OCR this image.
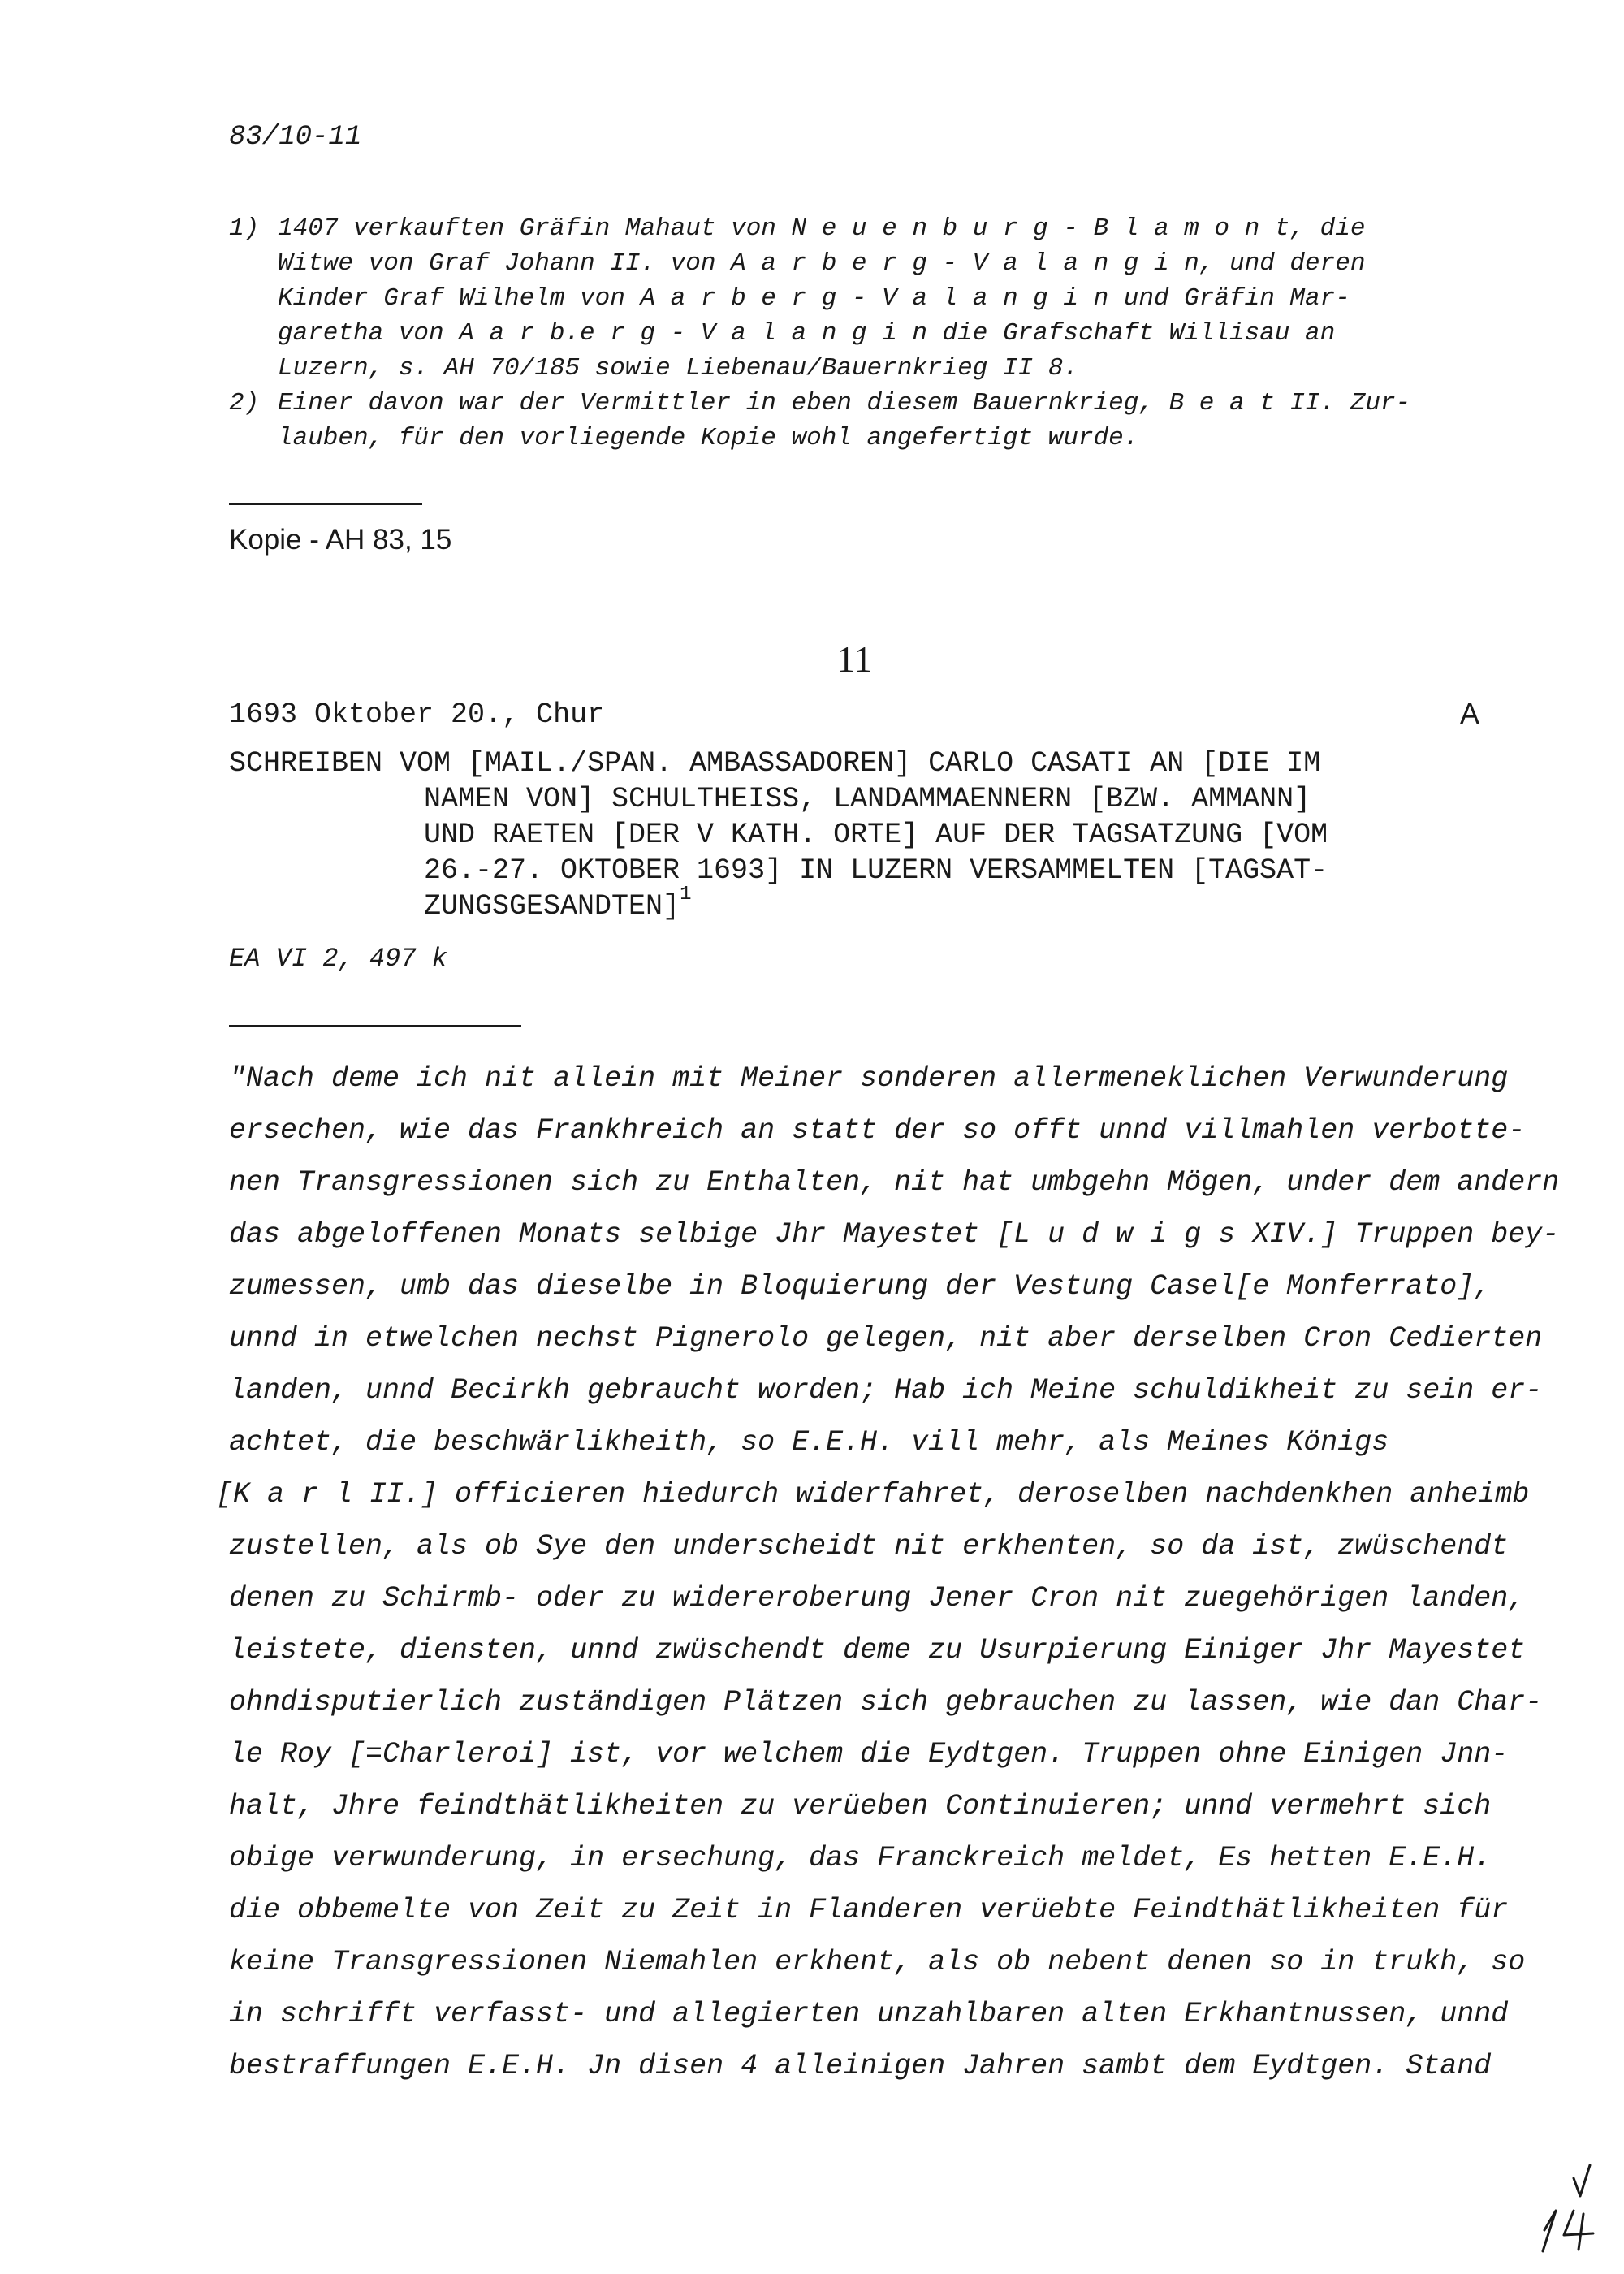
83/10-11
1) 1407 verkauften Gräfin Mahaut von N e u e n b u r g - B l a m o n t, die
Witwe von Graf Johann II. von A a r b e r g - V a l a n g i n, und deren
Kinder Graf Wilhelm von A a r b e r g - V a l a n g i n und Gräfin Mar-
garetha von A a r b.e r g - V a l a n g i n die Grafschaft Willisau an
Luzern, s. AH 70/185 sowie Liebenau/Bauernkrieg II 8.
2) Einer davon war der Vermittler in eben diesem Bauernkrieg, B e a t II. Zur-
lauben, für den vorliegende Kopie wohl angefertigt wurde.
Kopie - AH 83, 15
11
1693 Oktober 20., Chur	A
SCHREIBEN VOM [MAIL./SPAN. AMBASSADOREN] CARLO CASATI AN [DIE IM
NAMEN VON] SCHULTHEISS, LANDAMMAENNERN [BZW. AMMANN]
UND RAETEN [DER V KATH. ORTE] AUF DER TAGSATZUNG [VOM
26.-27. OKTOBER 1693] IN LUZERN VERSAMMELTEN [TAGSAT-
ZUNGSGESANDTEN]$^1$
EA VI 2, 497 k
"Nach deme ich nit allein mit Meiner sonderen allermeneklichen Verwunderung
ersechen, wie das Frankhreich an statt der so offt unnd villmahlen verbotte-
nen Transgressionen sich zu Enthalten, nit hat umbgehn Mögen, under dem andern
das abgeloffenen Monats selbige Jhr Mayestet [L u d w i g s XIV.] Truppen bey-
zumessen, umb das dieselbe in Bloquierung der Vestung Casel[e Monferrato],
unnd in etwelchen nechst Pignerolo gelegen, nit aber derselben Cron Cedierten
landen, unnd Becirkh gebraucht worden; Hab ich Meine schuldikheit zu sein er-
achtet, die beschwärlikheith, so E.E.H. vill mehr, als Meines Königs
[K a r l II.] officieren hiedurch widerfahret, deroselben nachdenkhen anheimb
zustellen, als ob Sye den underscheidt nit erkhenten, so da ist, zwüschendt
denen zu Schirmb- oder zu widereroberung Jener Cron nit zuegehörigen landen,
leistete, diensten, unnd zwüschendt deme zu Usurpierung Einiger Jhr Mayestet
ohndisputierlich zuständigen Plätzen sich gebrauchen zu lassen, wie dan Char-
le Roy [=Charleroi] ist, vor welchem die Eydtgen. Truppen ohne Einigen Jnn-
halt, Jhre feindthätlikheiten zu verüeben Continuieren; unnd vermehrt sich
obige verwunderung, in ersechung, das Franckreich meldet, Es hetten E.E.H.
die obbemelte von Zeit zu Zeit in Flanderen verüebte Feindthätlikheiten für
keine Transgressionen Niemahlen erkhent, als ob nebent denen so in trukh, so
in schrifft verfasst- und allegierten unzahlbaren alten Erkhantnussen, unnd
bestraffungen E.E.H. Jn disen 4 alleinigen Jahren sambt dem Eydtgen. Stand
